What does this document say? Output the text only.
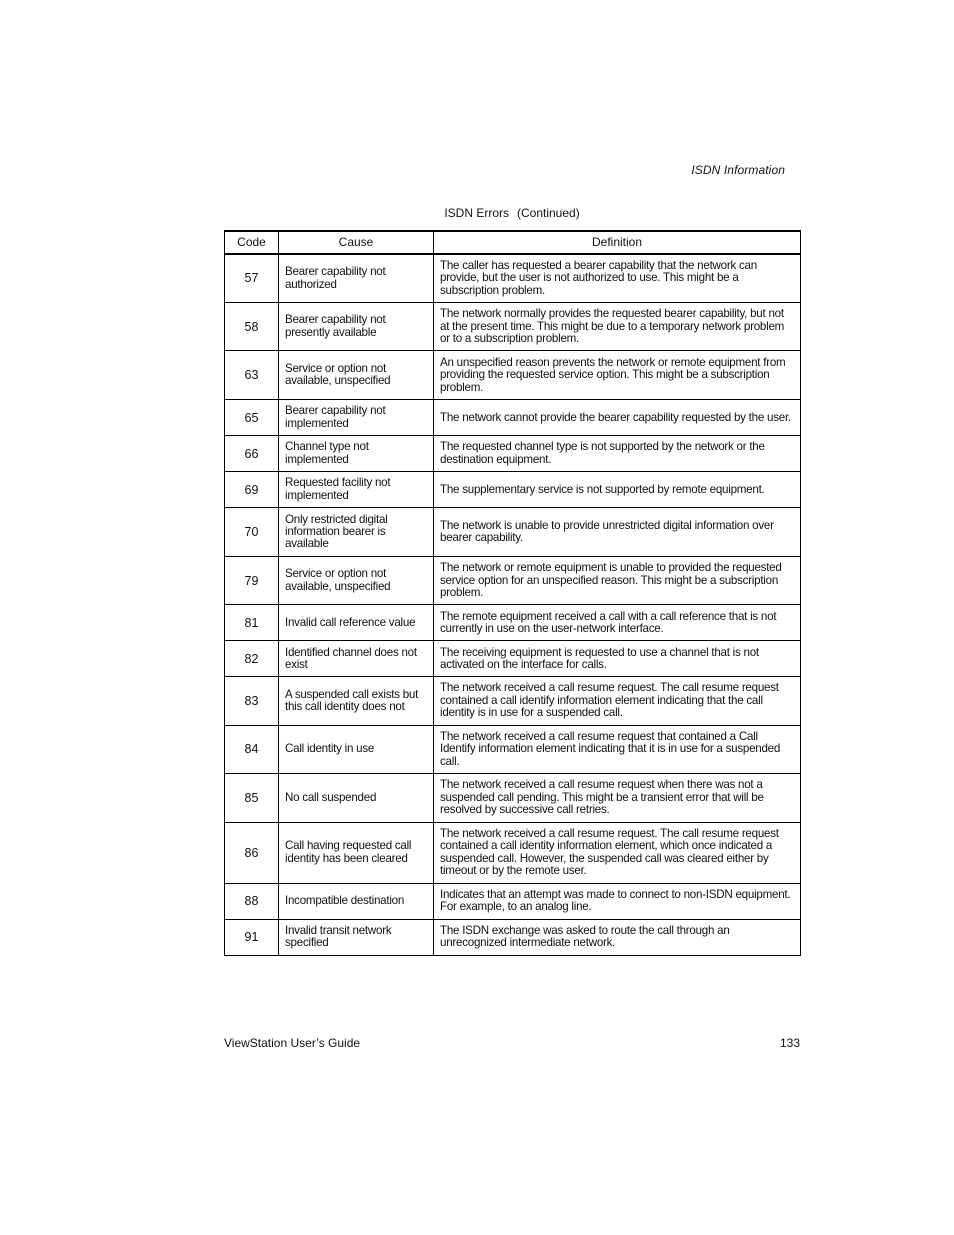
ISDN Information
ISDN Errors (Continued)
Code	Cause	Definition
57	Bearer capability not authorized	The caller has requested a bearer capability that the network can provide, but the user is not authorized to use. This might be a subscription problem.
58	Bearer capability not presently available	The network normally provides the requested bearer capability, but not at the present time. This might be due to a temporary network problem or to a subscription problem.
63	Service or option not available, unspecified	An unspecified reason prevents the network or remote equipment from providing the requested service option. This might be a subscription problem.
65	Bearer capability not implemented	The network cannot provide the bearer capability requested by the user.
66	Channel type not implemented	The requested channel type is not supported by the network or the destination equipment.
69	Requested facility not implemented	The supplementary service is not supported by remote equipment.
70	Only restricted digital information bearer is available	The network is unable to provide unrestricted digital information over bearer capability.
79	Service or option not available, unspecified	The network or remote equipment is unable to provided the requested service option for an unspecified reason. This might be a subscription problem.
81	Invalid call reference value	The remote equipment received a call with a call reference that is not currently in use on the user-network interface.
82	Identified channel does not exist	The receiving equipment is requested to use a channel that is not activated on the interface for calls.
83	A suspended call exists but this call identity does not	The network received a call resume request. The call resume request contained a call identify information element indicating that the call identity is in use for a suspended call.
84	Call identity in use	The network received a call resume request that contained a Call Identify information element indicating that it is in use for a suspended call.
85	No call suspended	The network received a call resume request when there was not a suspended call pending. This might be a transient error that will be resolved by successive call retries.
86	Call having requested call identity has been cleared	The network received a call resume request. The call resume request contained a call identity information element, which once indicated a suspended call. However, the suspended call was cleared either by timeout or by the remote user.
88	Incompatible destination	Indicates that an attempt was made to connect to non-ISDN equipment. For example, to an analog line.
91	Invalid transit network specified	The ISDN exchange was asked to route the call through an unrecognized intermediate network.
ViewStation User’s Guide	133
